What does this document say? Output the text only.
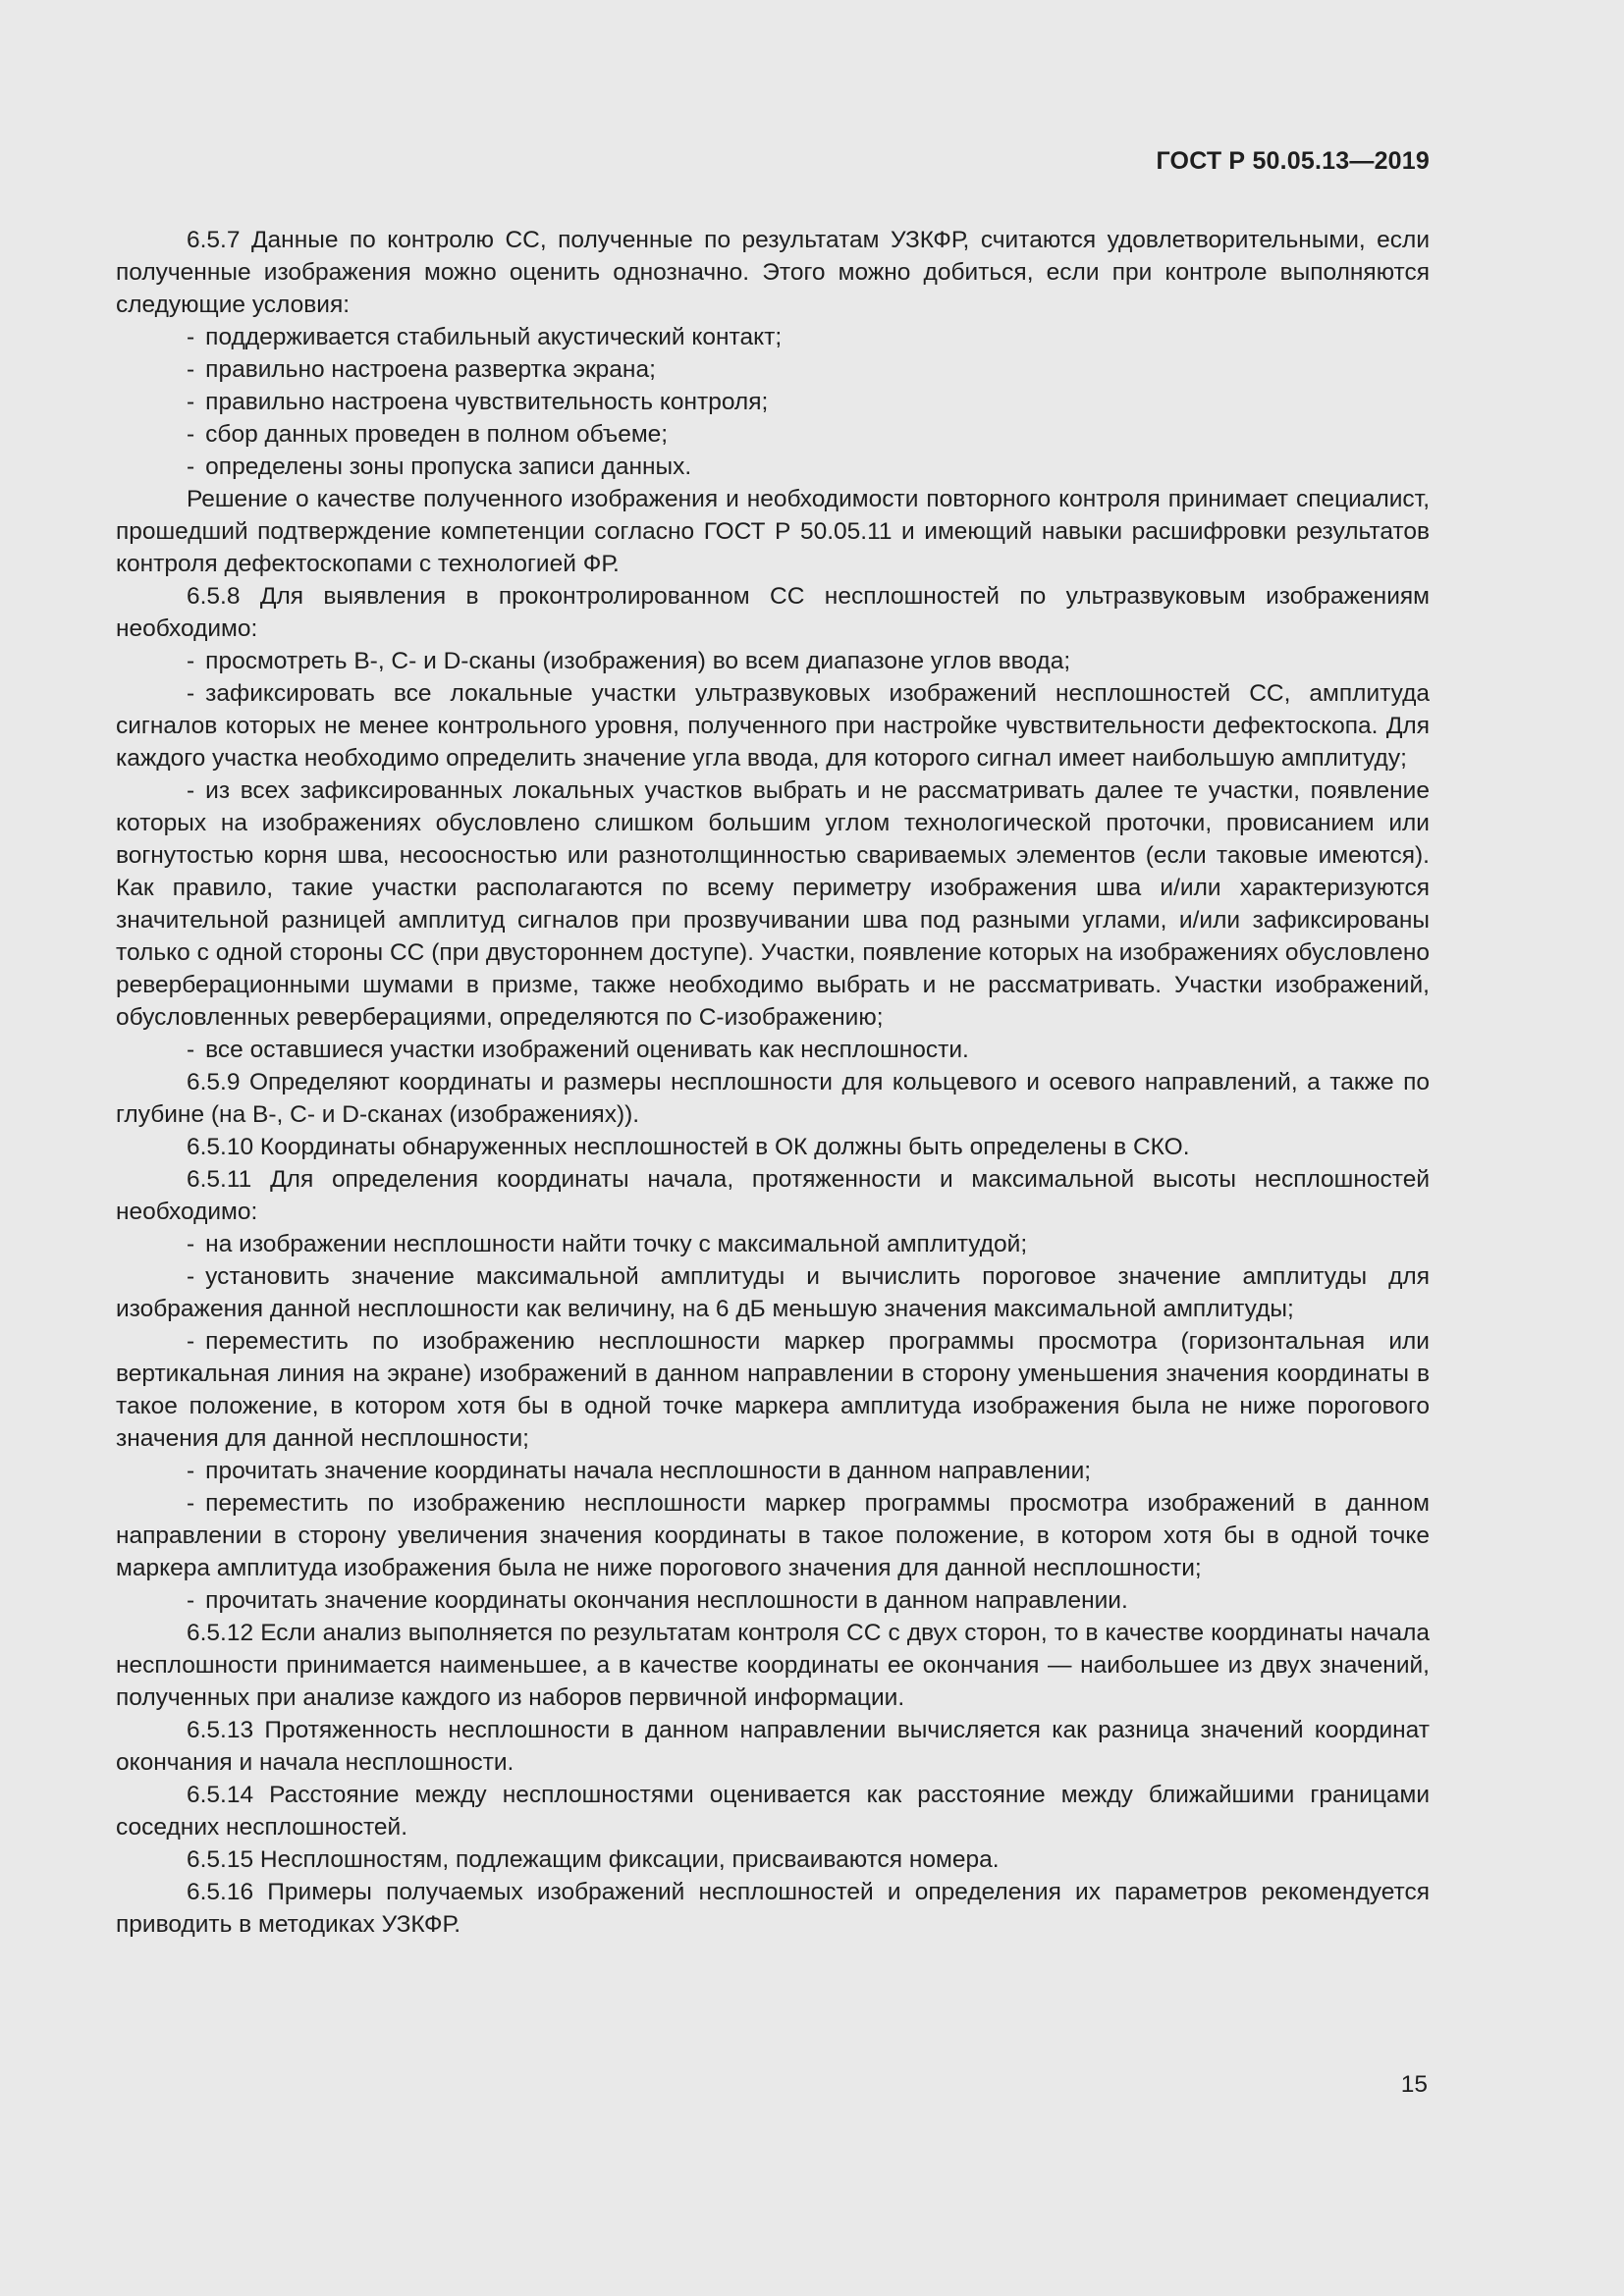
ГОСТ Р 50.05.13—2019
6.5.7 Данные по контролю СС, полученные по результатам УЗКФР, считаются удовлетворительными, если полученные изображения можно оценить однозначно. Этого можно добиться, если при контроле выполняются следующие условия:
- поддерживается стабильный акустический контакт;
- правильно настроена развертка экрана;
- правильно настроена чувствительность контроля;
- сбор данных проведен в полном объеме;
- определены зоны пропуска записи данных.
Решение о качестве полученного изображения и необходимости повторного контроля принимает специалист, прошедший подтверждение компетенции согласно ГОСТ Р 50.05.11 и имеющий навыки расшифровки результатов контроля дефектоскопами с технологией ФР.
6.5.8 Для выявления в проконтролированном СС несплошностей по ультразвуковым изображениям необходимо:
- просмотреть В-, С- и D-сканы (изображения) во всем диапазоне углов ввода;
- зафиксировать все локальные участки ультразвуковых изображений несплошностей СС, амплитуда сигналов которых не менее контрольного уровня, полученного при настройке чувствительности дефектоскопа. Для каждого участка необходимо определить значение угла ввода, для которого сигнал имеет наибольшую амплитуду;
- из всех зафиксированных локальных участков выбрать и не рассматривать далее те участки, появление которых на изображениях обусловлено слишком большим углом технологической проточки, провисанием или вогнутостью корня шва, несоосностью или разнотолщинностью свариваемых элементов (если таковые имеются). Как правило, такие участки располагаются по всему периметру изображения шва и/или характеризуются значительной разницей амплитуд сигналов при прозвучивании шва под разными углами, и/или зафиксированы только с одной стороны СС (при двустороннем доступе). Участки, появление которых на изображениях обусловлено реверберационными шумами в призме, также необходимо выбрать и не рассматривать. Участки изображений, обусловленных реверберациями, определяются по С-изображению;
- все оставшиеся участки изображений оценивать как несплошности.
6.5.9 Определяют координаты и размеры несплошности для кольцевого и осевого направлений, а также по глубине (на В-, С- и D-сканах (изображениях)).
6.5.10 Координаты обнаруженных несплошностей в ОК должны быть определены в СКО.
6.5.11 Для определения координаты начала, протяженности и максимальной высоты несплошностей необходимо:
- на изображении несплошности найти точку с максимальной амплитудой;
- установить значение максимальной амплитуды и вычислить пороговое значение амплитуды для изображения данной несплошности как величину, на 6 дБ меньшую значения максимальной амплитуды;
- переместить по изображению несплошности маркер программы просмотра (горизонтальная или вертикальная линия на экране) изображений в данном направлении в сторону уменьшения значения координаты в такое положение, в котором хотя бы в одной точке маркера амплитуда изображения была не ниже порогового значения для данной несплошности;
- прочитать значение координаты начала несплошности в данном направлении;
- переместить по изображению несплошности маркер программы просмотра изображений в данном направлении в сторону увеличения значения координаты в такое положение, в котором хотя бы в одной точке маркера амплитуда изображения была не ниже порогового значения для данной несплошности;
- прочитать значение координаты окончания несплошности в данном направлении.
6.5.12 Если анализ выполняется по результатам контроля СС с двух сторон, то в качестве координаты начала несплошности принимается наименьшее, а в качестве координаты ее окончания — наибольшее из двух значений, полученных при анализе каждого из наборов первичной информации.
6.5.13 Протяженность несплошности в данном направлении вычисляется как разница значений координат окончания и начала несплошности.
6.5.14 Расстояние между несплошностями оценивается как расстояние между ближайшими границами соседних несплошностей.
6.5.15 Несплошностям, подлежащим фиксации, присваиваются номера.
6.5.16 Примеры получаемых изображений несплошностей и определения их параметров рекомендуется приводить в методиках УЗКФР.
15
